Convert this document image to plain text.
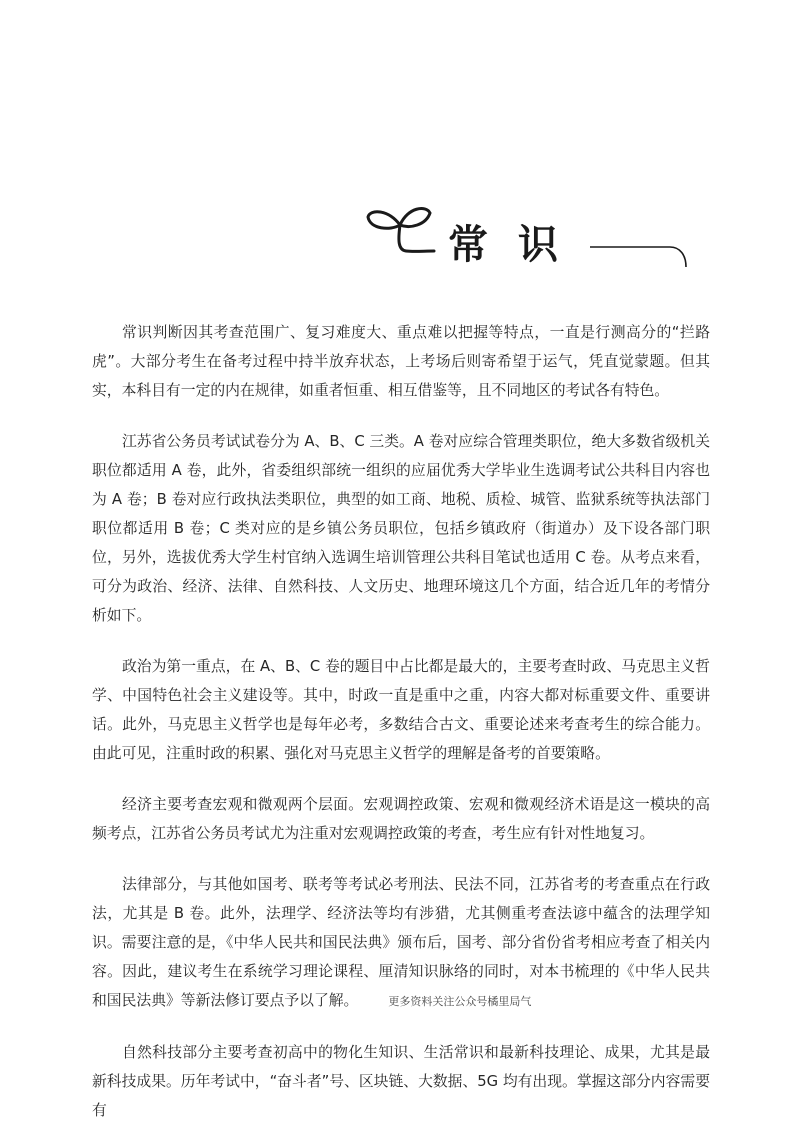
常识

常识判断因其考查范围广、复习难度大、重点难以把握等特点，一直是行测高分的“拦路虎”。大部分考生在备考过程中持半放弃状态，上考场后则寄希望于运气，凭直觉蒙题。但其实，本科目有一定的内在规律，如重者恒重、相互借鉴等，且不同地区的考试各有特色。

江苏省公务员考试试卷分为 A、B、C 三类。A 卷对应综合管理类职位，绝大多数省级机关职位都适用 A 卷，此外，省委组织部统一组织的应届优秀大学毕业生选调考试公共科目内容也为 A 卷；B 卷对应行政执法类职位，典型的如工商、地税、质检、城管、监狱系统等执法部门职位都适用 B 卷；C 类对应的是乡镇公务员职位，包括乡镇政府（街道办）及下设各部门职位，另外，选拔优秀大学生村官纳入选调生培训管理公共科目笔试也适用 C 卷。从考点来看，可分为政治、经济、法律、自然科技、人文历史、地理环境这几个方面，结合近几年的考情分析如下。

政治为第一重点，在 A、B、C 卷的题目中占比都是最大的，主要考查时政、马克思主义哲学、中国特色社会主义建设等。其中，时政一直是重中之重，内容大都对标重要文件、重要讲话。此外，马克思主义哲学也是每年必考，多数结合古文、重要论述来考查考生的综合能力。由此可见，注重时政的积累、强化对马克思主义哲学的理解是备考的首要策略。

经济主要考查宏观和微观两个层面。宏观调控政策、宏观和微观经济术语是这一模块的高频考点，江苏省公务员考试尤为注重对宏观调控政策的考查，考生应有针对性地复习。

法律部分，与其他如国考、联考等考试必考刑法、民法不同，江苏省考的考查重点在行政法，尤其是 B 卷。此外，法理学、经济法等均有涉猎，尤其侧重考查法谚中蕴含的法理学知识。需要注意的是，《中华人民共和国民法典》颁布后，国考、部分省份省考相应考查了相关内容。因此，建议考生在系统学习理论课程、厘清知识脉络的同时，对本书梳理的《中华人民共和国民法典》等新法修订要点予以了解。	更多资料关注公众号橘里局气

自然科技部分主要考查初高中的物化生知识、生活常识和最新科技理论、成果，尤其是最新科技成果。历年考试中，“奋斗者”号、区块链、大数据、5G 均有出现。掌握这部分内容需要有
